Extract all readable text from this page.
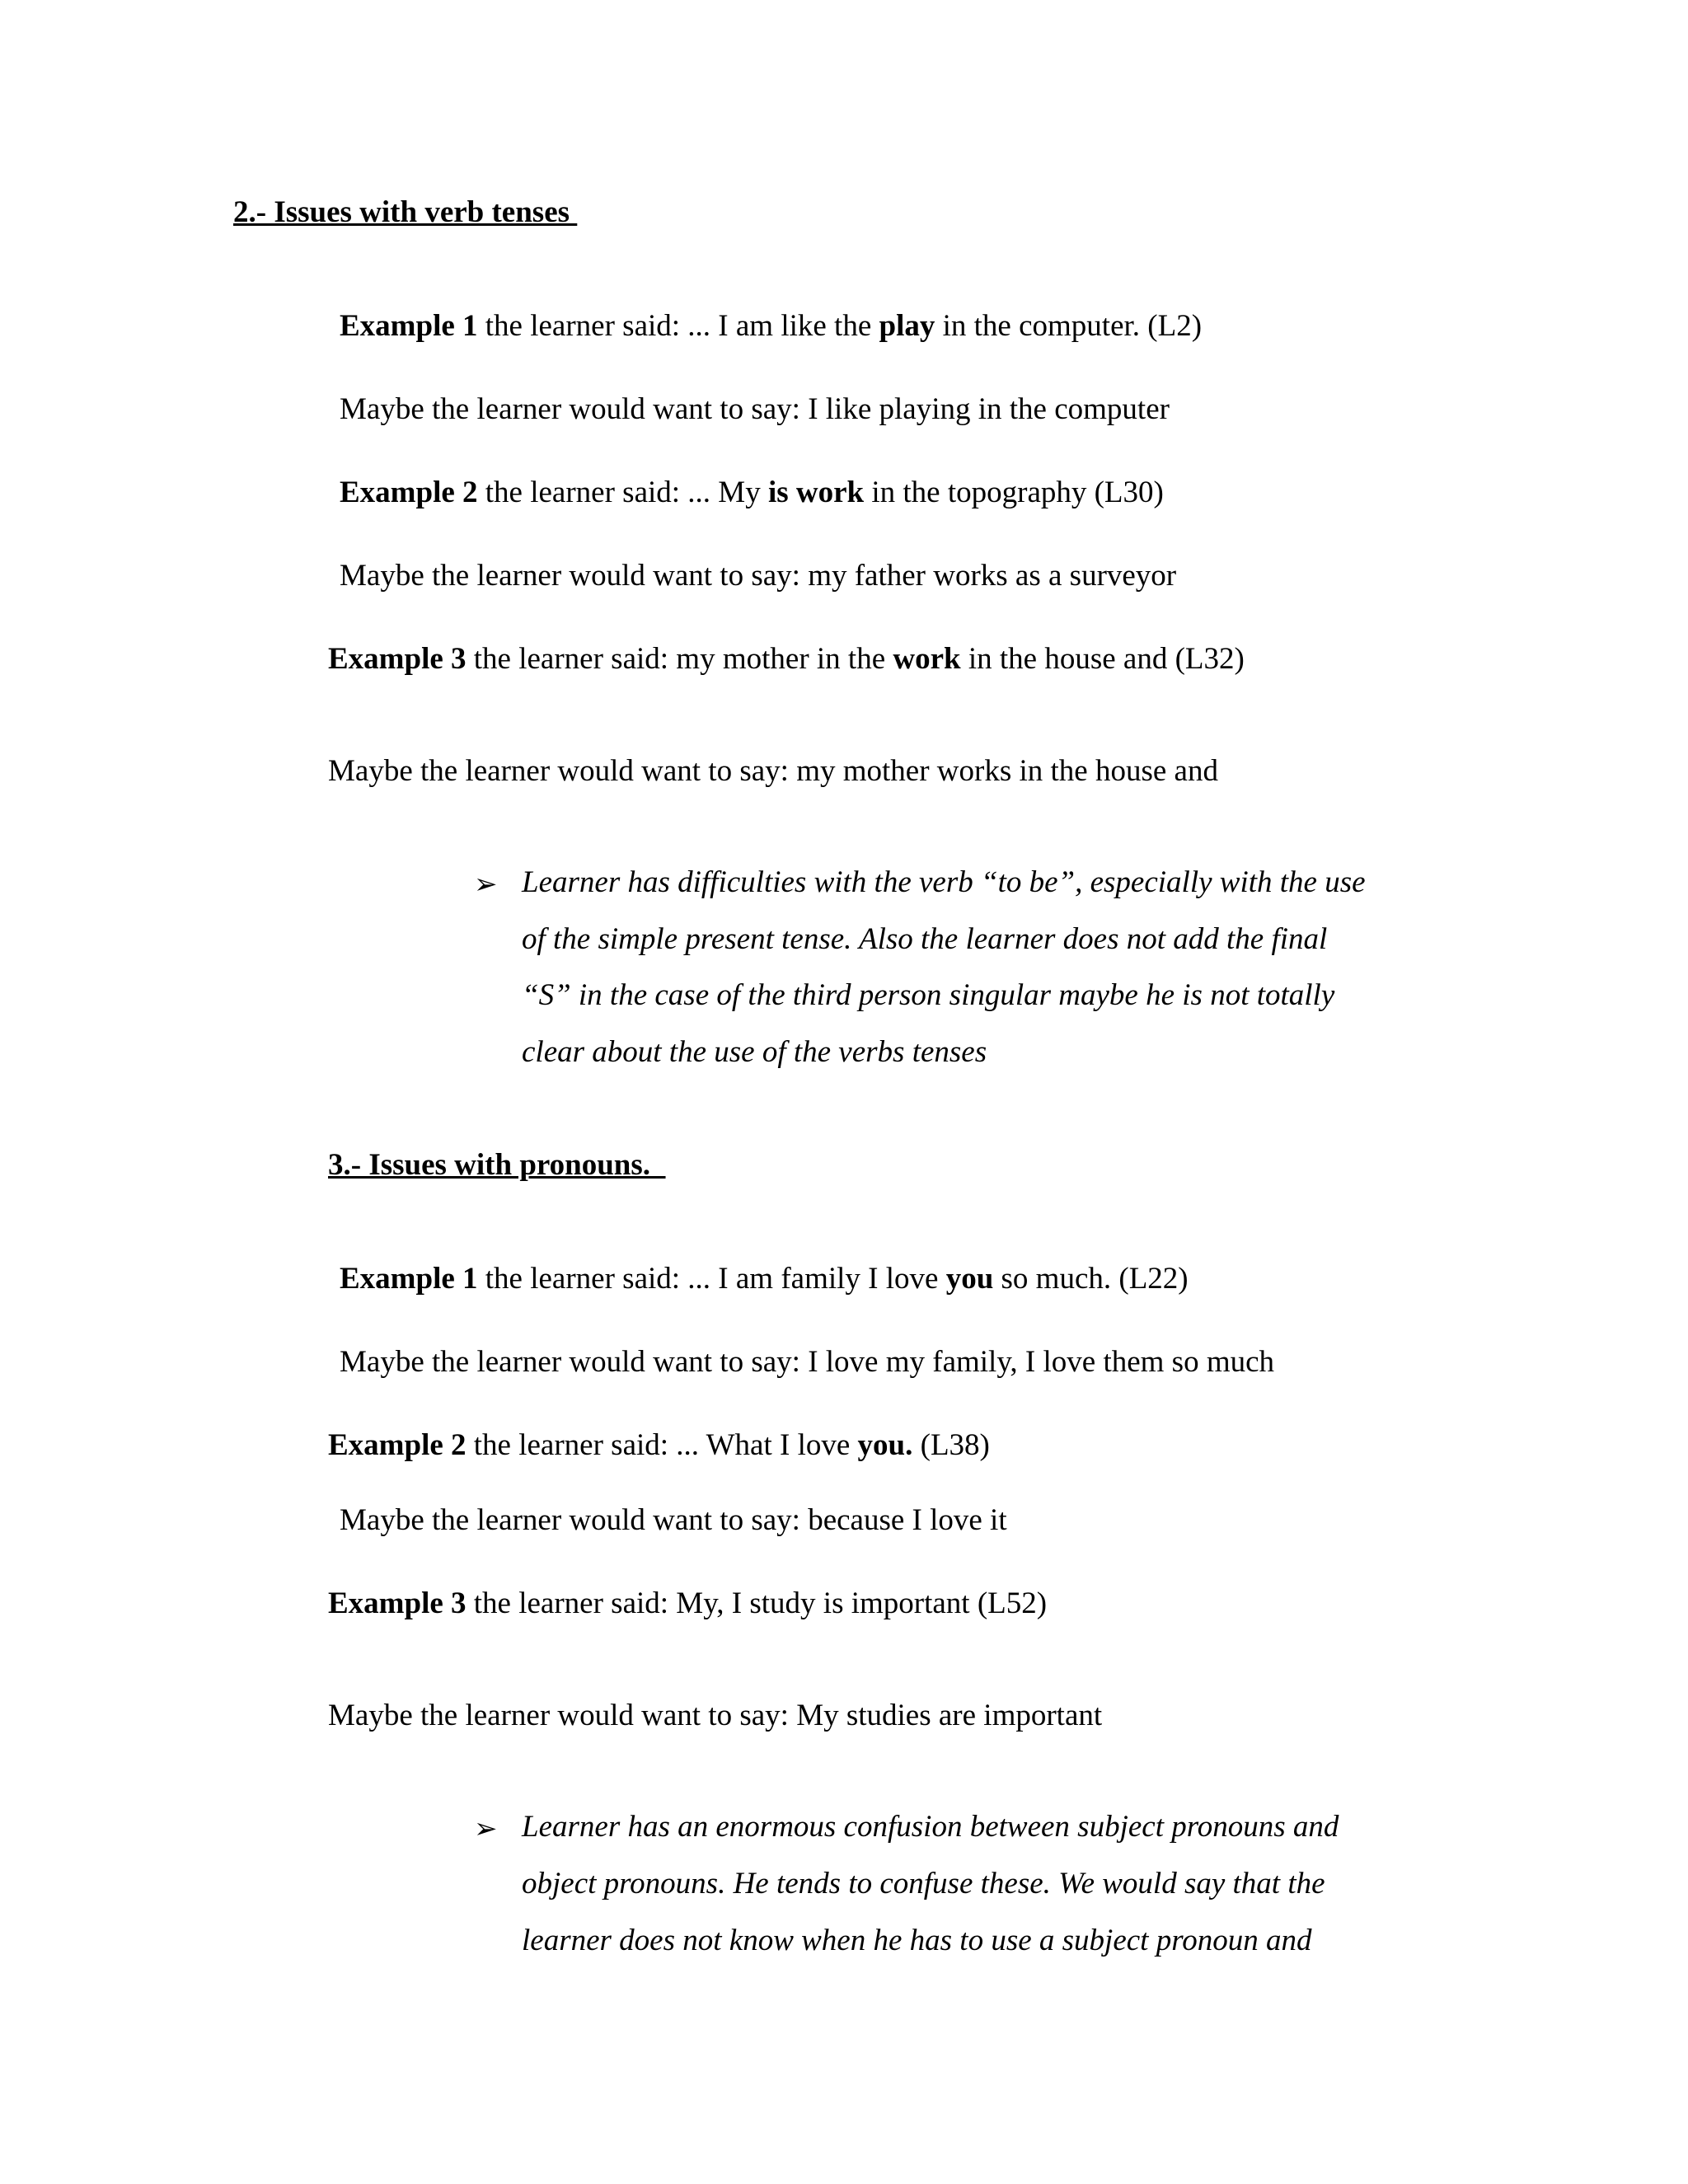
2.- Issues with verb tenses
Example 1 the learner said: ... I am like the play in the computer. (L2)
Maybe the learner would want to say: I like playing in the computer
Example 2 the learner said: ... My is work in the topography (L30)
Maybe the learner would want to say: my father works as a surveyor
Example 3 the learner said: my mother in the work in the house and (L32)
Maybe the learner would want to say: my mother works in the house and
➢ Learner has difficulties with the verb “to be”, especially with the use
of the simple present tense. Also the learner does not add the final
“S” in the case of the third person singular maybe he is not totally
clear about the use of the verbs tenses
3.- Issues with pronouns.
Example 1 the learner said: ... I am family I love you so much. (L22)
Maybe the learner would want to say: I love my family, I love them so much
Example 2 the learner said: ... What I love you. (L38)
Maybe the learner would want to say: because I love it
Example 3 the learner said: My, I study is important (L52)
Maybe the learner would want to say: My studies are important
➢ Learner has an enormous confusion between subject pronouns and
object pronouns. He tends to confuse these. We would say that the
learner does not know when he has to use a subject pronoun and
